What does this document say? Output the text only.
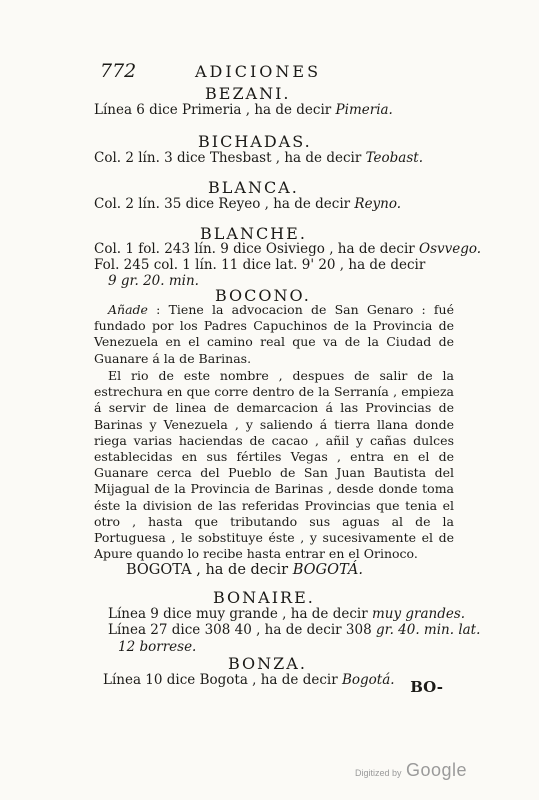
772	ADICIONES
BEZANI.
Línea 6 dice Primeria , ha de decir Pimeria.
BICHADAS.
Col. 2 lín. 3 dice Thesbast , ha de decir Teobast.
BLANCA.
Col. 2 lín. 35 dice Reyeo , ha de decir Reyno.
BLANCHE.
Col. 1 fol. 243 lín. 9 dice Osiviego , ha de decir Osvvego.
Fol. 245 col. 1 lín. 11 dice lat. 9' 20 , ha de decir
9 gr. 20. min.
BOCONO.
Añade : Tiene la advocacion de San Genaro : fué fundado por los Padres Capuchinos de la Provincia de Venezuela en el camino real que va de la Ciudad de Guanare á la de Barinas.
El rio de este nombre , despues de salir de la estrechura en que corre dentro de la Serranía , empieza á servir de linea de demarcacion á las Provincias de Barinas y Venezuela , y saliendo á tierra llana donde riega varias haciendas de cacao , añil y cañas dulces establecidas en sus fértiles Vegas , entra en el de Guanare cerca del Pueblo de San Juan Bautista del Mijagual de la Provincia de Barinas , desde donde toma éste la division de las referidas Provincias que tenia el otro , hasta que tributando sus aguas al de la Portuguesa , le sobstituye éste , y sucesivamente el de Apure quando lo recibe hasta entrar en el Orinoco.
BOGOTA , ha de decir BOGOTÁ.
BONAIRE.
Línea 9 dice muy grande , ha de decir muy grandes.
Línea 27 dice 308 40 , ha de decir 308 gr. 40. min. lat.
12 borrese.
BONZA.
Línea 10 dice Bogota , ha de decir Bogotá.	BO-
Digitized by Google
